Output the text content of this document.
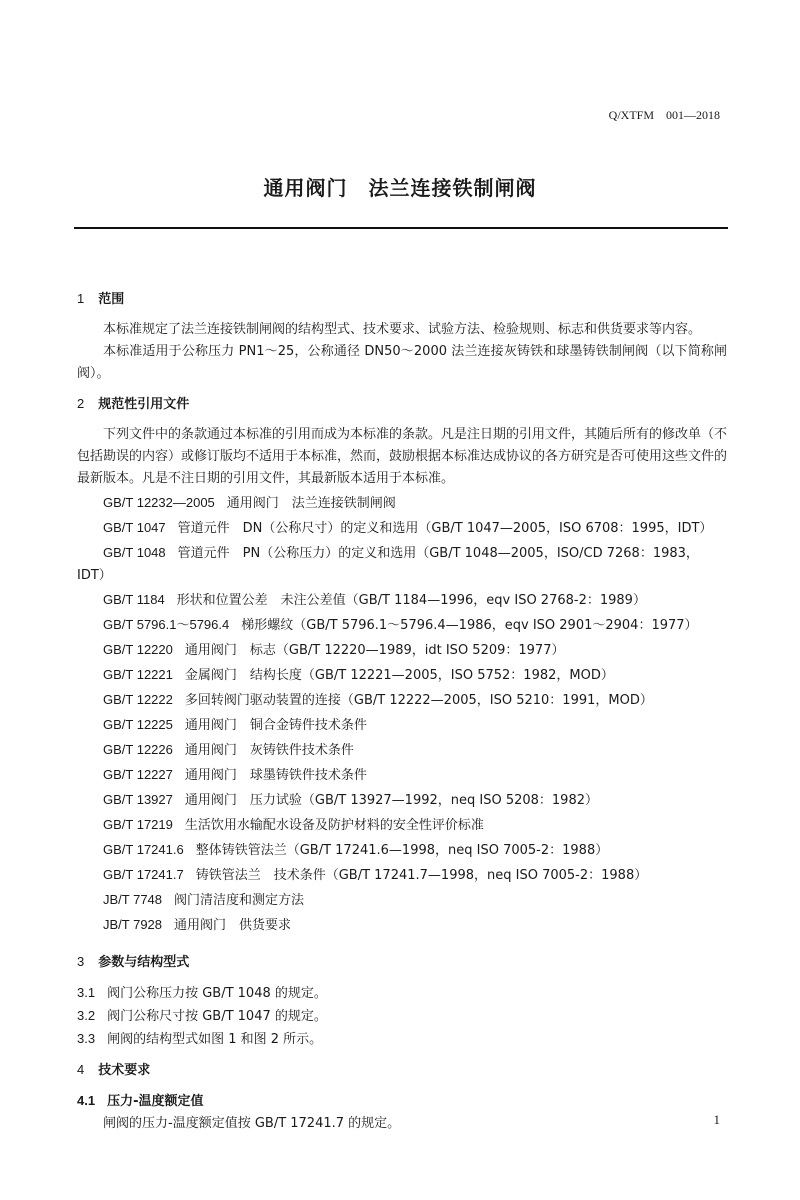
Q/XTFM　001—2018
通用阀门　法兰连接铁制闸阀
1 范围

本标准规定了法兰连接铁制闸阀的结构型式、技术要求、试验方法、检验规则、标志和供货要求等内容。

本标准适用于公称压力 PN1～25，公称通径 DN50～2000 法兰连接灰铸铁和球墨铸铁制闸阀（以下简称闸阀）。

2 规范性引用文件

下列文件中的条款通过本标准的引用而成为本标准的条款。凡是注日期的引用文件，其随后所有的修改单（不包括勘误的内容）或修订版均不适用于本标准，然而，鼓励根据本标准达成协议的各方研究是否可使用这些文件的最新版本。凡是不注日期的引用文件，其最新版本适用于本标准。

GB/T 12232—2005 通用阀门　法兰连接铁制闸阀

GB/T 1047 管道元件　DN（公称尺寸）的定义和选用（GB/T 1047—2005，ISO 6708：1995，IDT）

GB/T 1048 管道元件　PN（公称压力）的定义和选用（GB/T 1048—2005，ISO/CD 7268：1983，IDT）

GB/T 1184 形状和位置公差　未注公差值（GB/T 1184—1996，eqv ISO 2768-2：1989）

GB/T 5796.1～5796.4 梯形螺纹（GB/T 5796.1～5796.4—1986，eqv ISO 2901～2904：1977）

GB/T 12220 通用阀门　标志（GB/T 12220—1989，idt ISO 5209：1977）

GB/T 12221 金属阀门　结构长度（GB/T 12221—2005，ISO 5752：1982，MOD）

GB/T 12222 多回转阀门驱动装置的连接（GB/T 12222—2005，ISO 5210：1991，MOD）

GB/T 12225 通用阀门　铜合金铸件技术条件

GB/T 12226 通用阀门　灰铸铁件技术条件

GB/T 12227 通用阀门　球墨铸铁件技术条件

GB/T 13927 通用阀门　压力试验（GB/T 13927—1992，neq ISO 5208：1982）

GB/T 17219 生活饮用水输配水设备及防护材料的安全性评价标准

GB/T 17241.6 整体铸铁管法兰（GB/T 17241.6—1998，neq ISO 7005-2：1988）

GB/T 17241.7 铸铁管法兰　技术条件（GB/T 17241.7—1998，neq ISO 7005-2：1988）

JB/T 7748 阀门清洁度和测定方法

JB/T 7928 通用阀门　供货要求

3 参数与结构型式

3.1 阀门公称压力按 GB/T 1048 的规定。

3.2 阀门公称尺寸按 GB/T 1047 的规定。

3.3 闸阀的结构型式如图 1 和图 2 所示。

4 技术要求

4.1 压力-温度额定值

闸阀的压力-温度额定值按 GB/T 17241.7 的规定。	1
